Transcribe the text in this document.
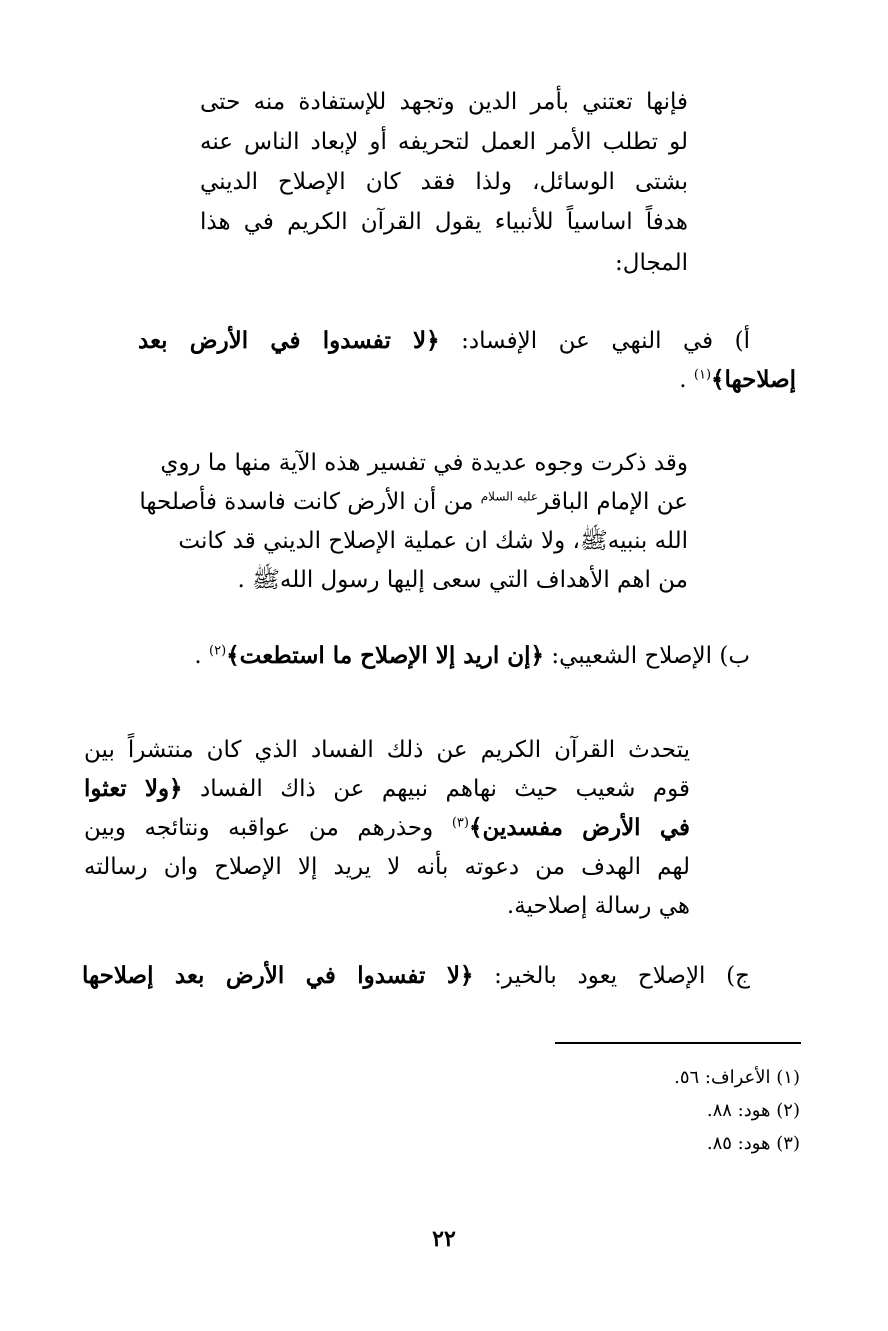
فإنها تعتني بأمر الدين وتجهد للإستفادة منه حتى
لو تطلب الأمر العمل لتحريفه أو لإبعاد الناس عنه
بشتى الوسائل، ولذا فقد كان الإصلاح الديني
هدفاً اساسياً للأنبياء يقول القرآن الكريم في هذا
المجال:
أ) في النهي عن الإفساد: ﴿لا تفسدوا في الأرض بعد
إصلاحها﴾$^{(١)}$ .
وقد ذكرت وجوه عديدة في تفسير هذه الآية منها ما روي
عن الإمام الباقر$^{عليه السلام}$ من أن الأرض كانت فاسدة فأصلحها
الله بنبيهﷺ، ولا شك ان عملية الإصلاح الديني قد كانت
من اهم الأهداف التي سعى إليها رسول اللهﷺ .
ب) الإصلاح الشعيبي: ﴿إن اريد إلا الإصلاح ما استطعت﴾$^{(٢)}$ .
يتحدث القرآن الكريم عن ذلك الفساد الذي كان منتشراً بين
قوم شعيب حيث نهاهم نبيهم عن ذاك الفساد ﴿ولا تعثوا
في الأرض مفسدين﴾$^{(٣)}$ وحذرهم من عواقبه ونتائجه وبين
لهم الهدف من دعوته بأنه لا يريد إلا الإصلاح وان رسالته
هي رسالة إصلاحية.
ج) الإصلاح يعود بالخير: ﴿لا تفسدوا في الأرض بعد إصلاحها
(١) الأعراف: ٥٦.
(٢) هود: ٨٨.
(٣) هود: ٨٥.
٢٢
